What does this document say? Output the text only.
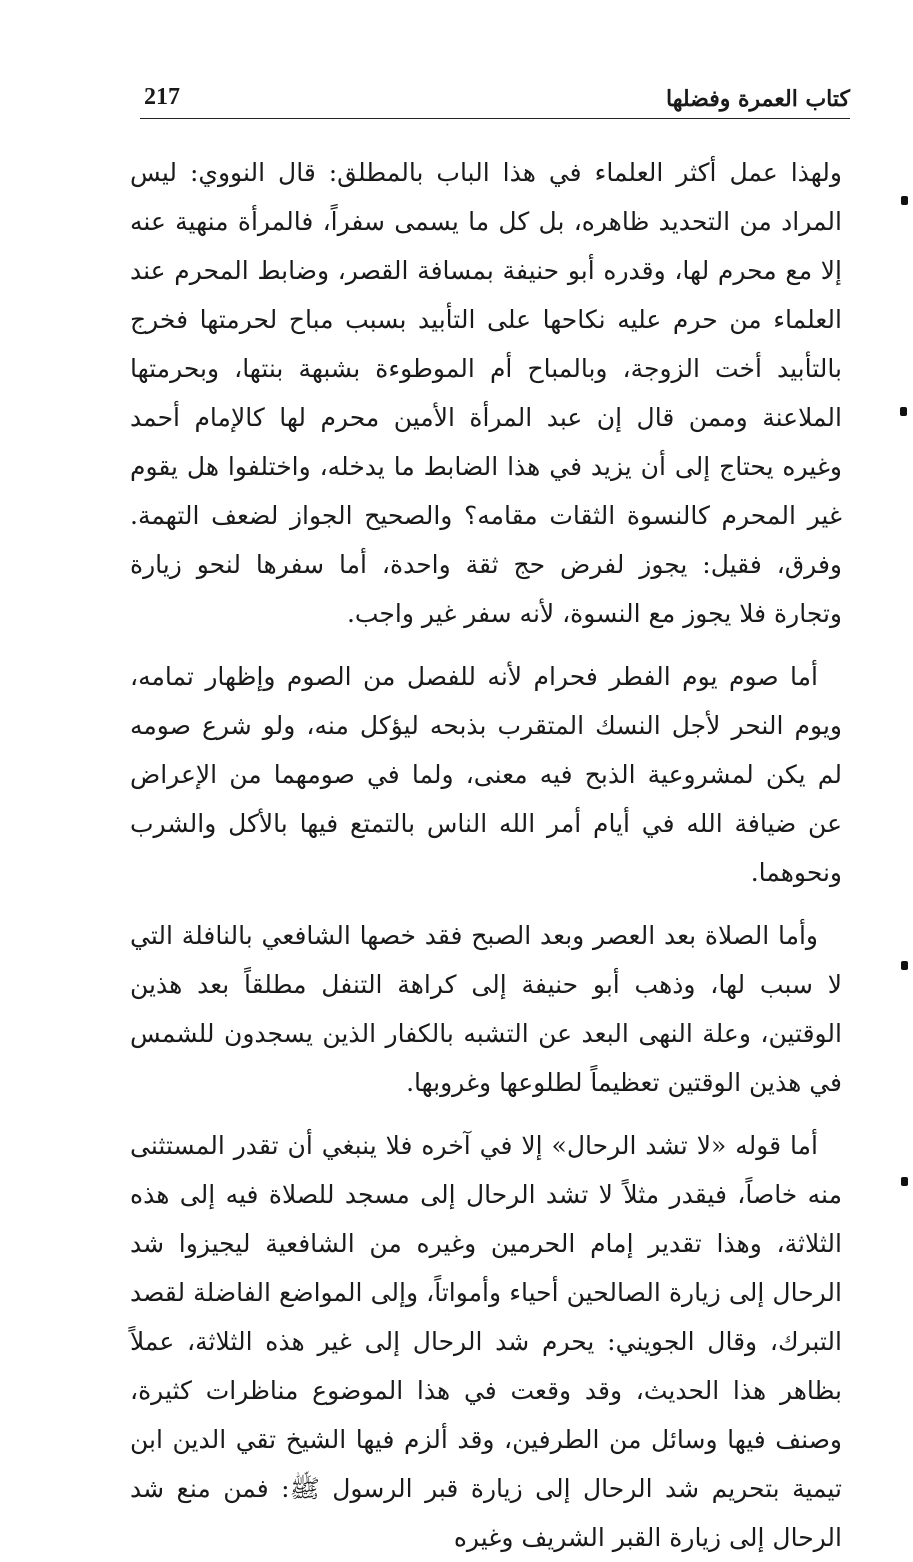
كتاب العمرة وفضلها
217

ولهذا عمل أكثر العلماء في هذا الباب بالمطلق: قال النووي: ليس المراد من التحديد ظاهره، بل كل ما يسمى سفراً، فالمرأة منهية عنه إلا مع محرم لها، وقدره أبو حنيفة بمسافة القصر، وضابط المحرم عند العلماء من حرم عليه نكاحها على التأبيد بسبب مباح لحرمتها فخرج بالتأبيد أخت الزوجة، وبالمباح أم الموطوءة بشبهة بنتها، وبحرمتها الملاعنة وممن قال إن عبد المرأة الأمين محرم لها كالإمام أحمد وغيره يحتاج إلى أن يزيد في هذا الضابط ما يدخله، واختلفوا هل يقوم غير المحرم كالنسوة الثقات مقامه؟ والصحيح الجواز لضعف التهمة. وفرق، فقيل: يجوز لفرض حج ثقة واحدة، أما سفرها لنحو زيارة وتجارة فلا يجوز مع النسوة، لأنه سفر غير واجب.

أما صوم يوم الفطر فحرام لأنه للفصل من الصوم وإظهار تمامه، ويوم النحر لأجل النسك المتقرب بذبحه ليؤكل منه، ولو شرع صومه لم يكن لمشروعية الذبح فيه معنى، ولما في صومهما من الإعراض عن ضيافة الله في أيام أمر الله الناس بالتمتع فيها بالأكل والشرب ونحوهما.

وأما الصلاة بعد العصر وبعد الصبح فقد خصها الشافعي بالنافلة التي لا سبب لها، وذهب أبو حنيفة إلى كراهة التنفل مطلقاً بعد هذين الوقتين، وعلة النهى البعد عن التشبه بالكفار الذين يسجدون للشمس في هذين الوقتين تعظيماً لطلوعها وغروبها.

أما قوله «لا تشد الرحال» إلا في آخره فلا ينبغي أن تقدر المستثنى منه خاصاً، فيقدر مثلاً لا تشد الرحال إلى مسجد للصلاة فيه إلى هذه الثلاثة، وهذا تقدير إمام الحرمين وغيره من الشافعية ليجيزوا شد الرحال إلى زيارة الصالحين أحياء وأمواتاً، وإلى المواضع الفاضلة لقصد التبرك، وقال الجويني: يحرم شد الرحال إلى غير هذه الثلاثة، عملاً بظاهر هذا الحديث، وقد وقعت في هذا الموضوع مناظرات كثيرة، وصنف فيها وسائل من الطرفين، وقد ألزم فيها الشيخ تقي الدين ابن تيمية بتحريم شد الرحال إلى زيارة قبر الرسول ﷺ: فمن منع شد الرحال إلى زيارة القبر الشريف وغيره
